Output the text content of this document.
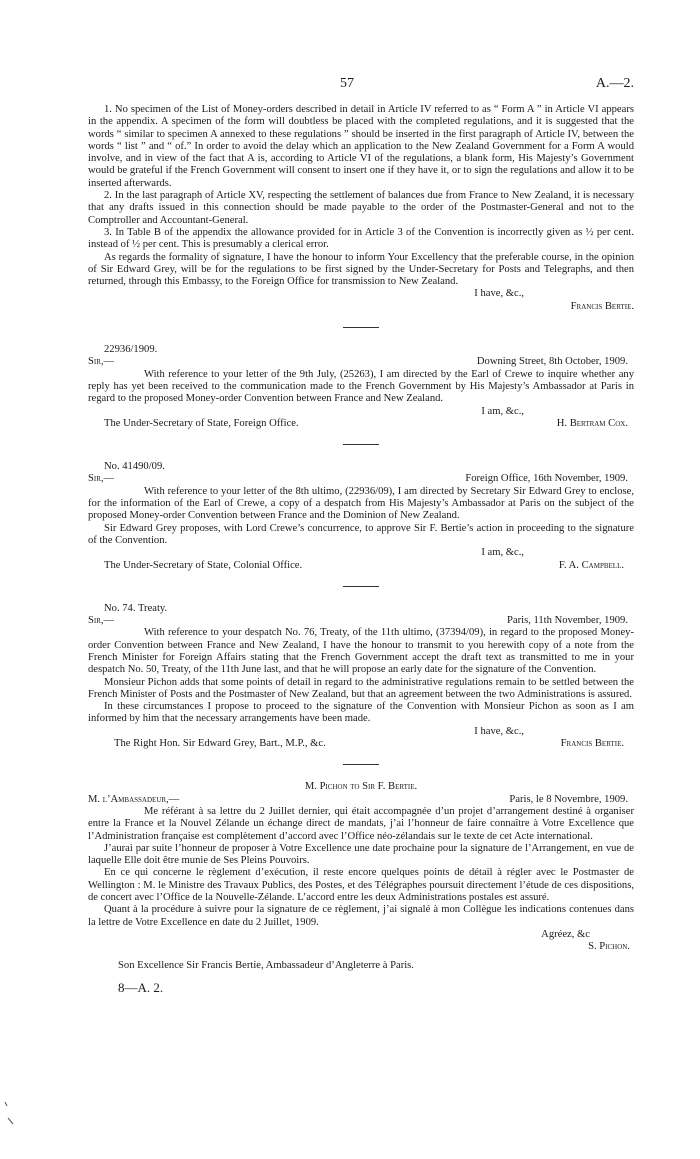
57	A.—2.

1. No specimen of the List of Money-orders described in detail in Article IV referred to as “ Form A ” in Article VI appears in the appendix. A specimen of the form will doubtless be placed with the completed regulations, and it is suggested that the words “ similar to specimen A annexed to these regulations ” should be inserted in the first paragraph of Article IV, between the words “ list ” and “ of.” In order to avoid the delay which an application to the New Zealand Government for a Form A would involve, and in view of the fact that A is, according to Article VI of the regulations, a blank form, His Majesty’s Government would be grateful if the French Government will consent to insert one if they have it, or to sign the regulations and allow it to be inserted afterwards.

2. In the last paragraph of Article XV, respecting the settlement of balances due from France to New Zealand, it is necessary that any drafts issued in this connection should be made payable to the order of the Postmaster-General and not to the Comptroller and Accountant-General.

3. In Table B of the appendix the allowance provided for in Article 3 of the Convention is incorrectly given as ½ per cent. instead of ½ per cent. This is presumably a clerical error.

As regards the formality of signature, I have the honour to inform Your Excellency that the preferable course, in the opinion of Sir Edward Grey, will be for the regulations to be first signed by the Under-Secretary for Posts and Telegraphs, and then returned, through this Embassy, to the Foreign Office for transmission to New Zealand.

I have, &c.,
Francis Bertie.
22936/1909.
Sir,—	Downing Street, 8th October, 1909.

With reference to your letter of the 9th July, (25263), I am directed by the Earl of Crewe to inquire whether any reply has yet been received to the communication made to the French Government by His Majesty’s Ambassador at Paris in regard to the proposed Money-order Convention between France and New Zealand.

I am, &c.,
The Under-Secretary of State, Foreign Office.	H. Bertram Cox.
No. 41490/09.
Sir,—	Foreign Office, 16th November, 1909.

With reference to your letter of the 8th ultimo, (22936/09), I am directed by Secretary Sir Edward Grey to enclose, for the information of the Earl of Crewe, a copy of a despatch from His Majesty’s Ambassador at Paris on the subject of the proposed Money-order Convention between France and the Dominion of New Zealand.

Sir Edward Grey proposes, with Lord Crewe’s concurrence, to approve Sir F. Bertie’s action in proceeding to the signature of the Convention.

I am, &c.,
The Under-Secretary of State, Colonial Office.	F. A. Campbell.
No. 74. Treaty.
Sir,—	Paris, 11th November, 1909.

With reference to your despatch No. 76, Treaty, of the 11th ultimo, (37394/09), in regard to the proposed Money-order Convention between France and New Zealand, I have the honour to transmit to you herewith copy of a note from the French Minister for Foreign Affairs stating that the French Government accept the draft text as transmitted to me in your despatch No. 50, Treaty, of the 11th June last, and that he will propose an early date for the signature of the Convention.

Monsieur Pichon adds that some points of detail in regard to the administrative regulations remain to be settled between the French Minister of Posts and the Postmaster of New Zealand, but that an agreement between the two Administrations is assured.

In these circumstances I propose to proceed to the signature of the Convention with Monsieur Pichon as soon as I am informed by him that the necessary arrangements have been made.

I have, &c.,
The Right Hon. Sir Edward Grey, Bart., M.P., &c.	Francis Bertie.
M. Pichon to Sir F. Bertie.
M. l’Ambassadeur,—	Paris, le 8 Novembre, 1909.

Me référant à sa lettre du 2 Juillet dernier, qui était accompagnée d’un projet d’arrangement destiné à organiser entre la France et la Nouvel Zélande un échange direct de mandats, j’ai l’honneur de faire connaître à Votre Excellence que l’Administration française est complètement d’accord avec l’Office néo-zélandais sur le texte de cet Acte international.

J’aurai par suite l’honneur de proposer à Votre Excellence une date prochaine pour la signature de l’Arrangement, en vue de laquelle Elle doit être munie de Ses Pleins Pouvoirs.

En ce qui concerne le règlement d’exécution, il reste encore quelques points de détail à régler avec le Postmaster de Wellington : M. le Ministre des Travaux Publics, des Postes, et des Télégraphes poursuit directement l’étude de ces dispositions, de concert avec l’Office de la Nouvelle-Zélande. L’accord entre les deux Administrations postales est assuré.

Quant à la procédure à suivre pour la signature de ce règlement, j’ai signalé à mon Collègue les indications contenues dans la lettre de Votre Excellence en date du 2 Juillet, 1909.

Agréez, &c
S. Pichon.
Son Excellence Sir Francis Bertie, Ambassadeur d’Angleterre à Paris.
8—A. 2.
